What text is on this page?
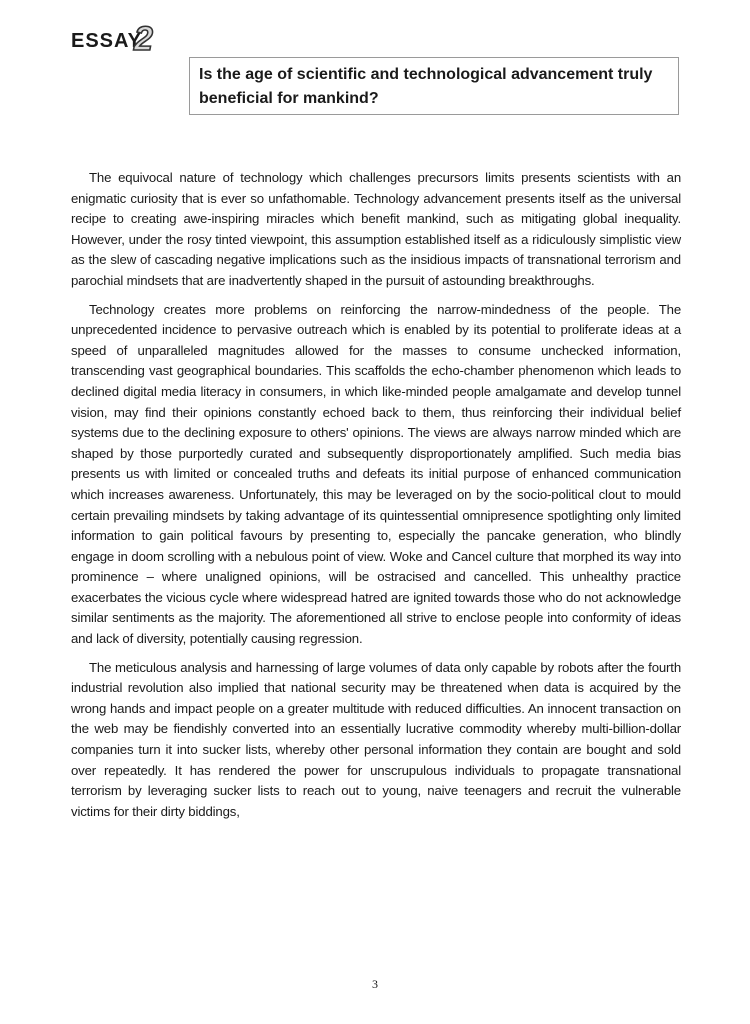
ESSAY
2
Is the age of scientific and technological advancement truly beneficial for mankind?

The equivocal nature of technology which challenges precursors limits presents scientists with an enigmatic curiosity that is ever so unfathomable. Technology advancement presents itself as the universal recipe to creating awe-inspiring miracles which benefit mankind, such as mitigating global inequality. However, under the rosy tinted viewpoint, this assumption established itself as a ridiculously simplistic view as the slew of cascading negative implications such as the insidious impacts of transnational terrorism and parochial mindsets that are inadvertently shaped in the pursuit of astounding breakthroughs.

Technology creates more problems on reinforcing the narrow-mindedness of the people. The unprecedented incidence to pervasive outreach which is enabled by its potential to proliferate ideas at a speed of unparalleled magnitudes allowed for the masses to consume unchecked information, transcending vast geographical boundaries. This scaffolds the echo-chamber phenomenon which leads to declined digital media literacy in consumers, in which like-minded people amalgamate and develop tunnel vision, may find their opinions constantly echoed back to them, thus reinforcing their individual belief systems due to the declining exposure to others' opinions. The views are always narrow minded which are shaped by those purportedly curated and subsequently disproportionately amplified. Such media bias presents us with limited or concealed truths and defeats its initial purpose of enhanced communication which increases awareness. Unfortunately, this may be leveraged on by the socio-political clout to mould certain prevailing mindsets by taking advantage of its quintessential omnipresence spotlighting only limited information to gain political favours by presenting to, especially the pancake generation, who blindly engage in doom scrolling with a nebulous point of view. Woke and Cancel culture that morphed its way into prominence – where unaligned opinions, will be ostracised and cancelled. This unhealthy practice exacerbates the vicious cycle where widespread hatred are ignited towards those who do not acknowledge similar sentiments as the majority. The aforementioned all strive to enclose people into conformity of ideas and lack of diversity, potentially causing regression.

The meticulous analysis and harnessing of large volumes of data only capable by robots after the fourth industrial revolution also implied that national security may be threatened when data is acquired by the wrong hands and impact people on a greater multitude with reduced difficulties. An innocent transaction on the web may be fiendishly converted into an essentially lucrative commodity whereby multi-billion-dollar companies turn it into sucker lists, whereby other personal information they contain are bought and sold over repeatedly. It has rendered the power for unscrupulous individuals to propagate transnational terrorism by leveraging sucker lists to reach out to young, naive teenagers and recruit the vulnerable victims for their dirty biddings,

3
